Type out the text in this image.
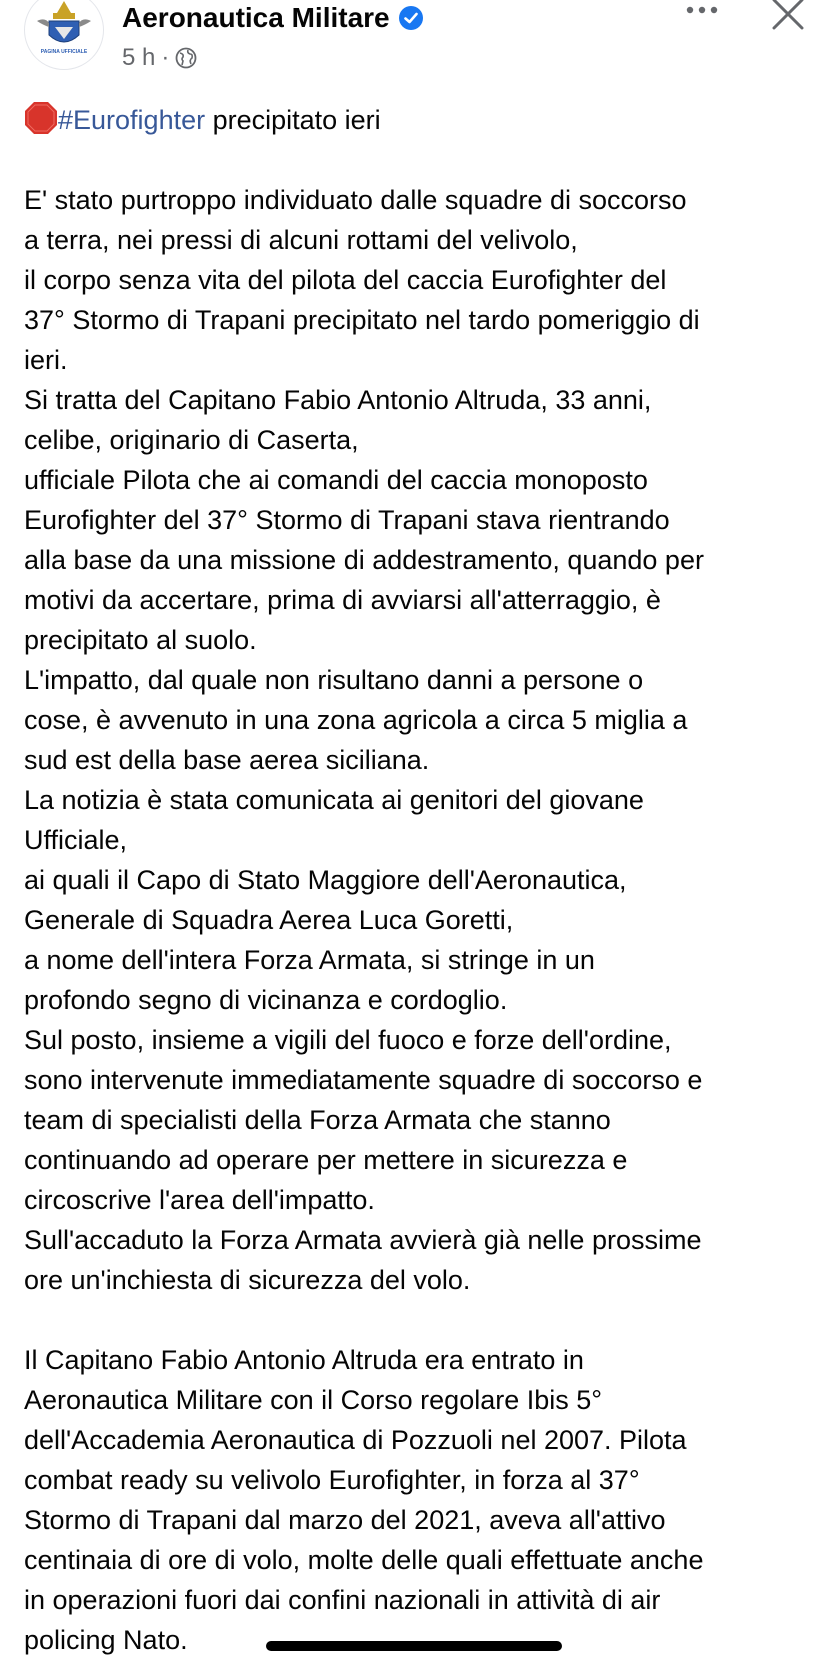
PAGINA UFFICIALE
Aeronautica Militare
5 h ·

#Eurofighter precipitato ieri

E' stato purtroppo individuato dalle squadre di soccorso

a terra, nei pressi di alcuni rottami del velivolo,

il corpo senza vita del pilota del caccia Eurofighter del

37° Stormo di Trapani precipitato nel tardo pomeriggio di

ieri.

Si tratta del Capitano Fabio Antonio Altruda, 33 anni,

celibe, originario di Caserta,

ufficiale Pilota che ai comandi del caccia monoposto

Eurofighter del 37° Stormo di Trapani stava rientrando

alla base da una missione di addestramento, quando per

motivi da accertare, prima di avviarsi all'atterraggio, è

precipitato al suolo.

L'impatto, dal quale non risultano danni a persone o

cose, è avvenuto in una zona agricola a circa 5 miglia a

sud est della base aerea siciliana.

La notizia è stata comunicata ai genitori del giovane

Ufficiale,

ai quali il Capo di Stato Maggiore dell'Aeronautica,

Generale di Squadra Aerea Luca Goretti,

a nome dell'intera Forza Armata, si stringe in un

profondo segno di vicinanza e cordoglio.

Sul posto, insieme a vigili del fuoco e forze dell'ordine,

sono intervenute immediatamente squadre di soccorso e

team di specialisti della Forza Armata che stanno

continuando ad operare per mettere in sicurezza e

circoscrive l'area dell'impatto.

Sull'accaduto la Forza Armata avvierà già nelle prossime

ore un'inchiesta di sicurezza del volo.

Il Capitano Fabio Antonio Altruda era entrato in

Aeronautica Militare con il Corso regolare Ibis 5°

dell'Accademia Aeronautica di Pozzuoli nel 2007. Pilota

combat ready su velivolo Eurofighter, in forza al 37°

Stormo di Trapani dal marzo del 2021, aveva all'attivo

centinaia di ore di volo, molte delle quali effettuate anche

in operazioni fuori dai confini nazionali in attività di air

policing Nato.
